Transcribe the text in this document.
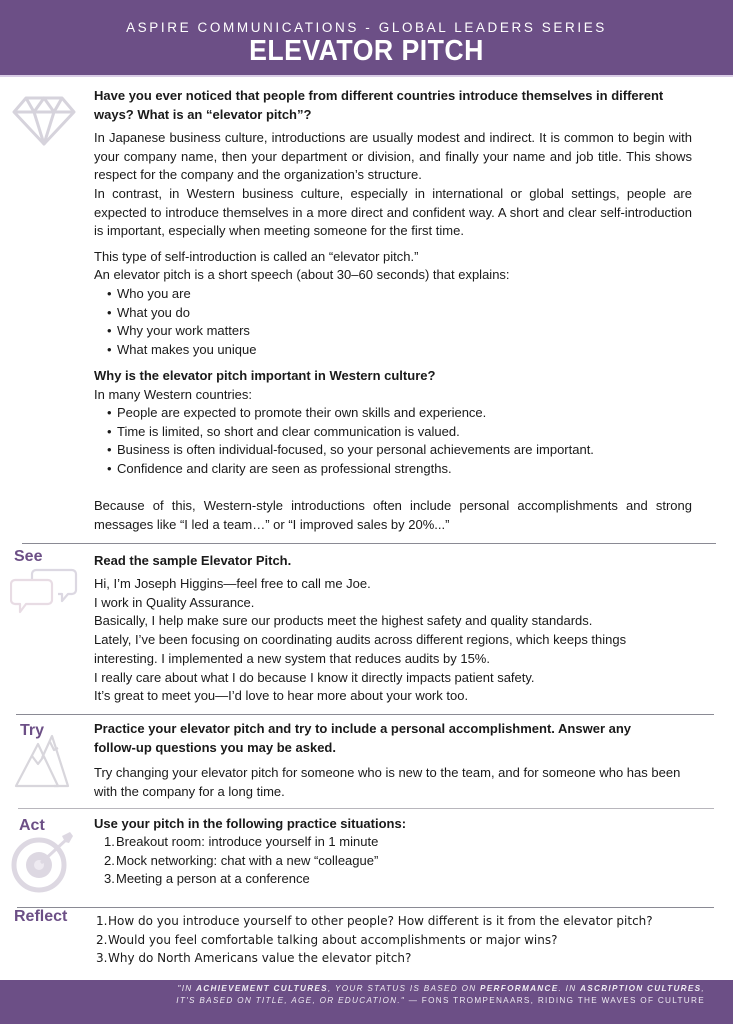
ASPIRE COMMUNICATIONS - GLOBAL LEADERS SERIES
ELEVATOR PITCH
Have you ever noticed that people from different countries introduce themselves in different ways? What is an “elevator pitch”?
In Japanese business culture, introductions are usually modest and indirect. It is common to begin with your company name, then your department or division, and finally your name and job title. This shows respect for the company and the organization’s structure.
In contrast, in Western business culture, especially in international or global settings, people are expected to introduce themselves in a more direct and confident way. A short and clear self-introduction is important, especially when meeting someone for the first time.
This type of self-introduction is called an “elevator pitch.”
An elevator pitch is a short speech (about 30–60 seconds) that explains:
• Who you are
• What you do
• Why your work matters
• What makes you unique
Why is the elevator pitch important in Western culture?
In many Western countries:
• People are expected to promote their own skills and experience.
• Time is limited, so short and clear communication is valued.
• Business is often individual-focused, so your personal achievements are important.
• Confidence and clarity are seen as professional strengths.
Because of this, Western-style introductions often include personal accomplishments and strong messages like “I led a team…” or “I improved sales by 20%...”
See	Read the sample Elevator Pitch.
Hi, I’m Joseph Higgins—feel free to call me Joe.
I work in Quality Assurance.
Basically, I help make sure our products meet the highest safety and quality standards.
Lately, I’ve been focusing on coordinating audits across different regions, which keeps things
interesting. I implemented a new system that reduces audits by 15%.
I really care about what I do because I know it directly impacts patient safety.
It’s great to meet you—I’d love to hear more about your work too.
Try	Practice your elevator pitch and try to include a personal accomplishment. Answer any follow-up questions you may be asked.
Try changing your elevator pitch for someone who is new to the team, and for someone who has been with the company for a long time.
Act	Use your pitch in the following practice situations:
1.Breakout room: introduce yourself in 1 minute
2.Mock networking: chat with a new “colleague”
3.Meeting a person at a conference
Reflect 1.How do you introduce yourself to other people? How different is it from the elevator pitch?
2.Would you feel comfortable talking about accomplishments or major wins?
3.Why do North Americans value the elevator pitch?
"IN ACHIEVEMENT CULTURES, YOUR STATUS IS BASED ON PERFORMANCE. IN ASCRIPTION CULTURES,
IT'S BASED ON TITLE, AGE, OR EDUCATION." — FONS TROMPENAARS, RIDING THE WAVES OF CULTURE
